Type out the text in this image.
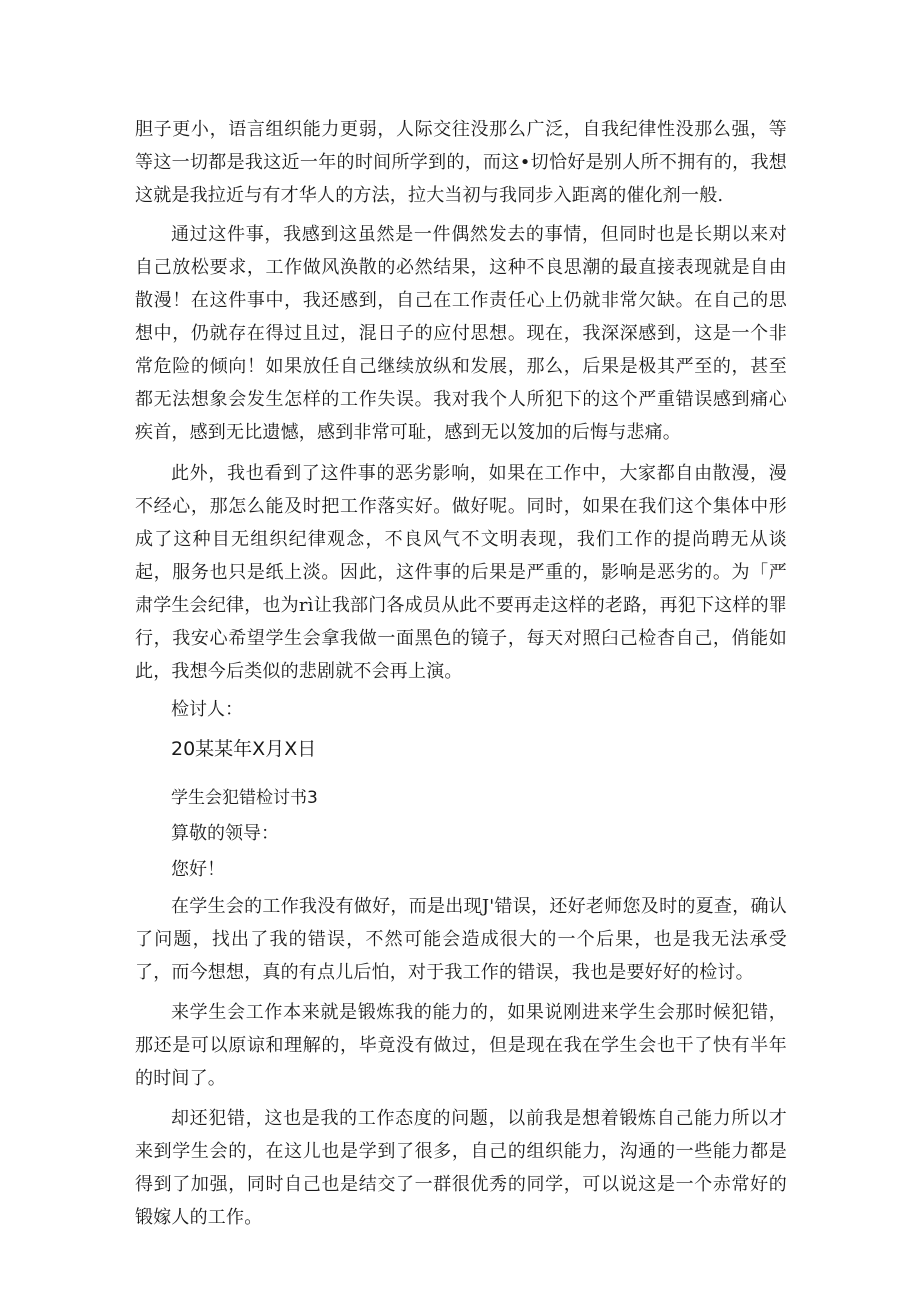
胆子更小，语言组织能力更弱，人际交往没那么广泛，自我纪律性没那么强，等等这一切都是我这近一年的时间所学到的，而这•切恰好是别人所不拥有的，我想这就是我拉近与有才华人的方法，拉大当初与我同步入距离的催化剂一般.

通过这件事，我感到这虽然是一件偶然发去的事情，但同时也是长期以来对自己放松要求，工作做风涣散的必然结果，这种不良思潮的最直接表现就是自由散漫！在这件事中，我还感到，自己在工作责任心上仍就非常欠缺。在自己的思想中，仍就存在得过且过，混日子的应付思想。现在，我深深感到，这是一个非常危险的倾向！如果放任自己继续放纵和发展，那么，后果是极其严至的，甚至都无法想象会发生怎样的工作失误。我对我个人所犯下的这个严重错误感到痛心疾首，感到无比遗憾，感到非常可耻，感到无以笈加的后悔与悲痛。

此外，我也看到了这件事的恶劣影响，如果在工作中，大家都自由散漫，漫不经心，那怎么能及时把工作落实好。做好呢。同时，如果在我们这个集体中形成了这种目无组织纪律观念，不良风气不文明表现，我们工作的提尚聘无从谈起，服务也只是纸上淡。因此，这件事的后果是严重的，影响是恶劣的。为「严肃学生会纪律，也为rì让我部门各成员从此不要再走这样的老路，再犯下这样的罪行，我安心希望学生会拿我做一面黑色的镜子，每天对照臼己检杳自己，俏能如此，我想今后类似的悲剧就不会再上演。

检讨人：
20某某年X月X日
学生会犯错检讨书3
算敬的领导：
您好！

在学生会的工作我没有做好，而是出现J'错误，还好老师您及时的夏查，确认了问题，找出了我的错误，不然可能会造成很大的一个后果，也是我无法承受了，而今想想，真的有点儿后怕，对于我工作的错误，我也是要好好的检讨。

来学生会工作本来就是锻炼我的能力的，如果说刚进来学生会那时候犯错，那还是可以原谅和理解的，毕竟没有做过，但是现在我在学生会也干了快有半年的时间了。

却还犯错，这也是我的工作态度的问题，以前我是想着锻炼自己能力所以才来到学生会的，在这儿也是学到了很多，自己的组织能力，沟通的一些能力都是得到了加强，同时自己也是结交了一群很优秀的同学，可以说这是一个赤常好的锻嫁人的工作。
